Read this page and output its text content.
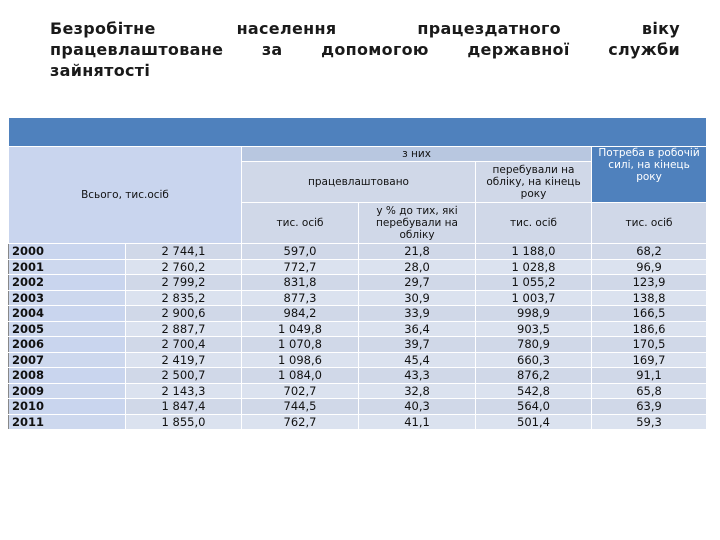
Безробітне	населення	працездатного	віку
працевлаштоване за допомогою державної служби
зайнятості

Всього, тис.осіб		з них			Потреба в робочій силі, на кінець року
		працевлаштовано		перебували на обліку, на кінець року	
		тис. осіб	у % до тих, які перебували на обліку	тис. осіб	тис. осіб
2000	2 744,1	597,0	21,8	1 188,0	68,2
2001	2 760,2	772,7	28,0	1 028,8	96,9
2002	2 799,2	831,8	29,7	1 055,2	123,9
2003	2 835,2	877,3	30,9	1 003,7	138,8
2004	2 900,6	984,2	33,9	998,9	166,5
2005	2 887,7	1 049,8	36,4	903,5	186,6
2006	2 700,4	1 070,8	39,7	780,9	170,5
2007	2 419,7	1 098,6	45,4	660,3	169,7
2008	2 500,7	1 084,0	43,3	876,2	91,1
2009	2 143,3	702,7	32,8	542,8	65,8
2010	1 847,4	744,5	40,3	564,0	63,9
2011	1 855,0	762,7	41,1	501,4	59,3
